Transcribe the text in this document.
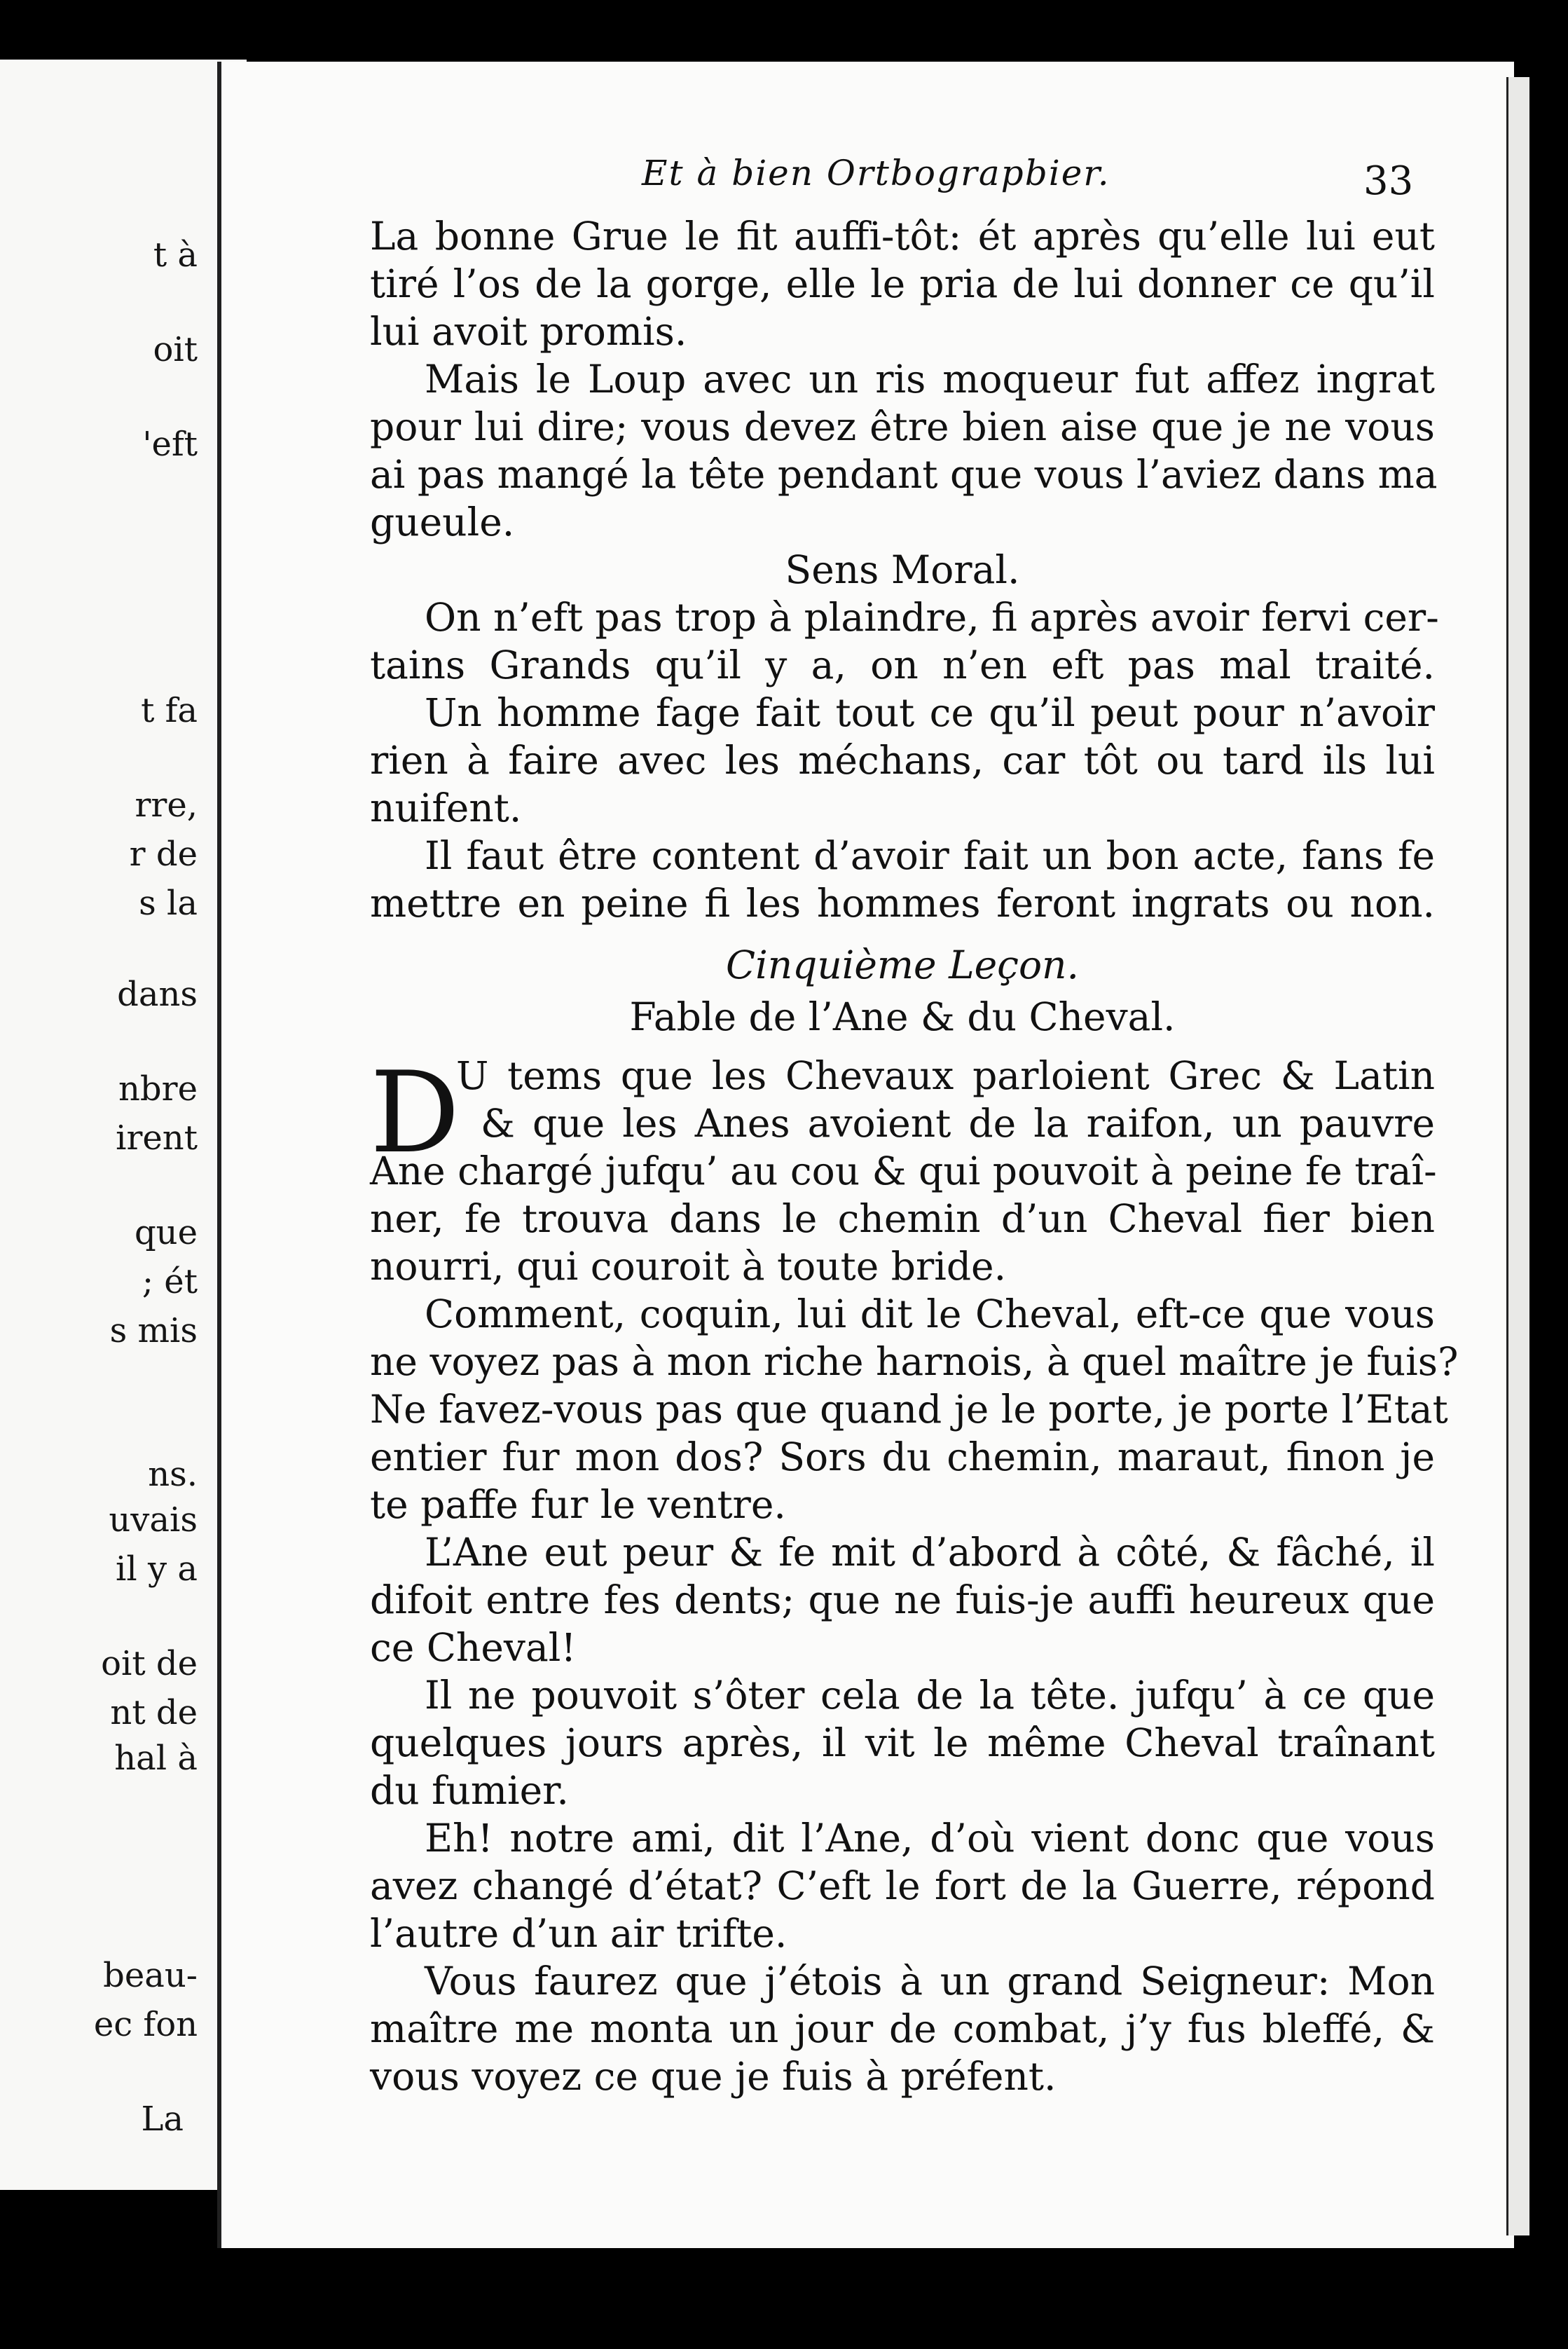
t à
oit
'eft
t fa
rre,
r de
s la
dans
nbre
irent
que
; ét
s mis
ns.
uvais
il y a
oit de
nt de
hal à
beau-
ec fon
La
Et à bien Ortbograpbier.	33
La bonne Grue le fit auffi-tôt: ét après qu’elle lui eut
tiré l’os de la gorge, elle le pria de lui donner ce qu’il
lui avoit promis.
Mais le Loup avec un ris moqueur fut affez ingrat
pour lui dire; vous devez être bien aise que je ne vous
ai pas mangé la tête pendant que vous l’aviez dans ma
gueule.
Sens Moral.
On n’eft pas trop à plaindre, fi après avoir fervi cer-
tains Grands qu’il y a, on n’en eft pas mal traité.
Un homme fage fait tout ce qu’il peut pour n’avoir
rien à faire avec les méchans, car tôt ou tard ils lui
nuifent.
Il faut être content d’avoir fait un bon acte, fans fe
mettre en peine fi les hommes feront ingrats ou non.
Cinquième Leçon.
Fable de l’Ane & du Cheval.
D
U tems que les Chevaux parloient Grec & Latin
& que les Anes avoient de la raifon, un pauvre
Ane chargé jufqu’ au cou & qui pouvoit à peine fe traî-
ner, fe trouva dans le chemin d’un Cheval fier bien
nourri, qui couroit à toute bride.
Comment, coquin, lui dit le Cheval, eft-ce que vous
ne voyez pas à mon riche harnois, à quel maître je fuis?
Ne favez-vous pas que quand je le porte, je porte l’Etat
entier fur mon dos? Sors du chemin, maraut, finon je
te paffe fur le ventre.
L’Ane eut peur & fe mit d’abord à côté, & fâché, il
difoit entre fes dents; que ne fuis-je auffi heureux que
ce Cheval!
Il ne pouvoit s’ôter cela de la tête. jufqu’ à ce que
quelques jours après, il vit le même Cheval traînant
du fumier.
Eh! notre ami, dit l’Ane, d’où vient donc que vous
avez changé d’état? C’eft le fort de la Guerre, répond
l’autre d’un air trifte.
Vous faurez que j’étois à un grand Seigneur: Mon
maître me monta un jour de combat, j’y fus bleffé, &
vous voyez ce que je fuis à préfent.
